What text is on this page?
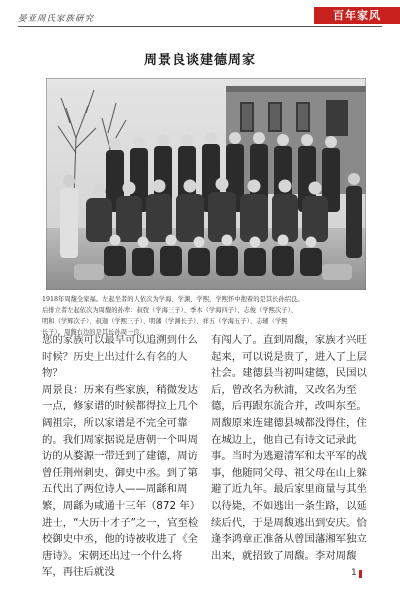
晏亚周氏家族研究	百年家风
周景良谈建德周家

1918年周馥全家福。左起坐者的人依次为学海、学渊、学熙，学熙怀中抱着的是其长孙绍良。

后排立者左起依次为周馥的孙辈：叔弢（学海三子）、季木（学海四子）、志俊（学熙次子）、

明和（学辉次子）、叔迦（学熙三子）、明藩（学渊长子）、祥五（学海五子）、志辅（学熙

长子）。周馥右边的是其长孙周一良。

您的家族可以最早可以追溯到什么时候？历史上出过什么有名的人物？

周景良：历来有些家族，稍微发达一点，修家谱的时候都得拉上几个阔祖宗，所以家谱是不完全可靠的。我们周家据说是唐朝一个叫周访的从婺源一带迁到了建德，周访曾任荆州刺史、御史中丞。到了第五代出了两位诗人——周繇和周繁，周繇为咸通十三年（872 年）进士，“大历十才子”之一，官至检校御史中丞，他的诗被收进了《全唐诗》。宋朝还出过一个什么将军，再往后就没

有闯人了。直到周馥，家族才兴旺起来，可以说是贵了，进入了上层社会。建德县当初叫建德，民国以后，曾改名为秋浦，又改名为至德，后再跟东流合并，改叫东至。周馥原来连建德县城都没得住，住在城边上，他自己有诗文记录此事。当时为逃避清军和太平军的战事，他随同父母、祖父母在山上躲避了近九年。最后家里商量与其坐以待毙，不如逃出一条生路，以延续后代，于是周馥逃出到安庆。恰逢李鸿章正准备从曾国藩湘军独立出来，就招致了周馥。李对周馥

1
